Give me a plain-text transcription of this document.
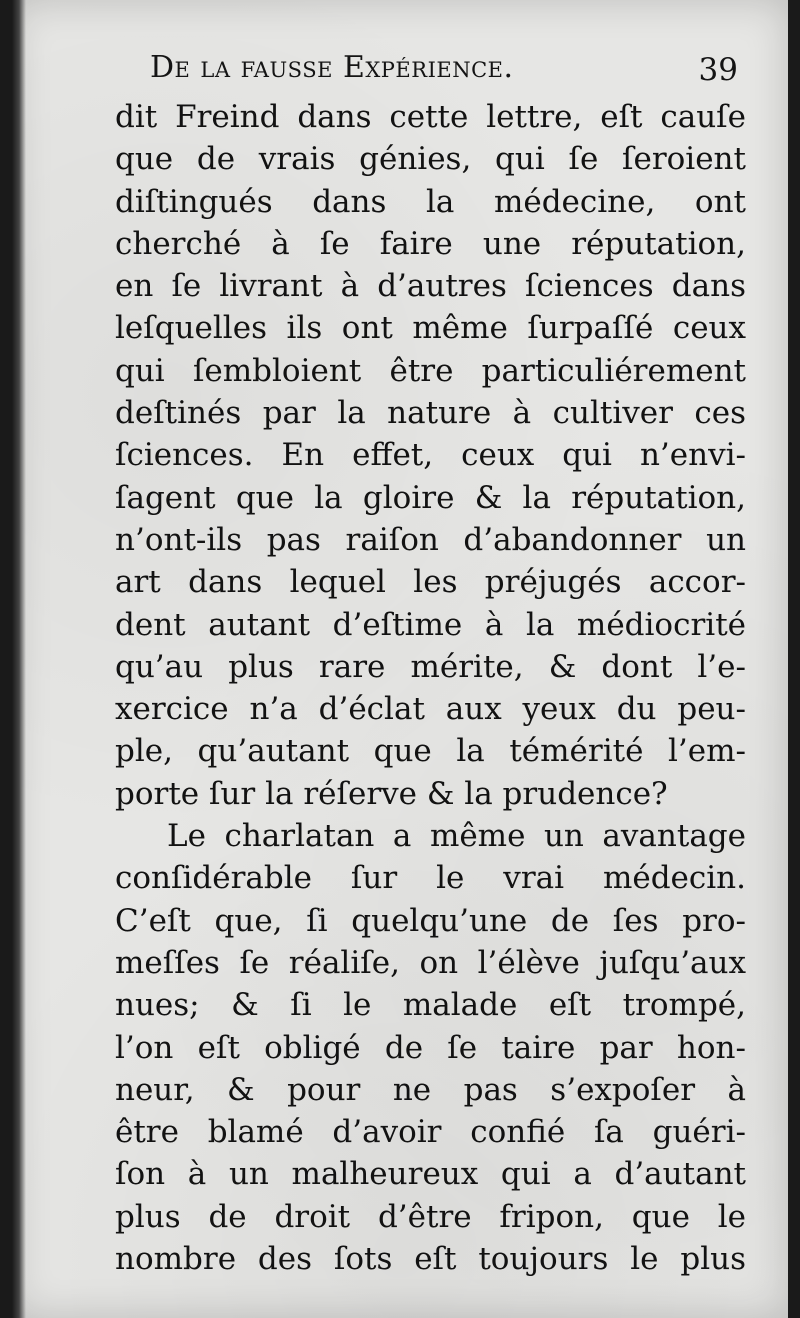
De la fausse Expérience.	39
dit Freind dans cette lettre, eſt cauſe
que de vrais génies, qui ſe ſeroient
diſtingués dans la médecine, ont
cherché à ſe faire une réputation,
en ſe livrant à d’autres ſciences dans
leſquelles ils ont même ſurpaſſé ceux
qui ſembloient être particuliérement
deſtinés par la nature à cultiver ces
ſciences. En effet, ceux qui n’envi-
ſagent que la gloire & la réputation,
n’ont-ils pas raiſon d’abandonner un
art dans lequel les préjugés accor-
dent autant d’eſtime à la médiocrité
qu’au plus rare mérite, & dont l’e-
xercice n’a d’éclat aux yeux du peu-
ple, qu’autant que la témérité l’em-
porte ſur la réſerve & la prudence?
Le charlatan a même un avantage
conſidérable ſur le vrai médecin.
C’eſt que, ſi quelqu’une de ſes pro-
meſſes ſe réaliſe, on l’élève juſqu’aux
nues; & ſi le malade eſt trompé,
l’on eſt obligé de ſe taire par hon-
neur, & pour ne pas s’expoſer à
être blamé d’avoir confié ſa guéri-
ſon à un malheureux qui a d’autant
plus de droit d’être fripon, que le
nombre des ſots eſt toujours le plus
